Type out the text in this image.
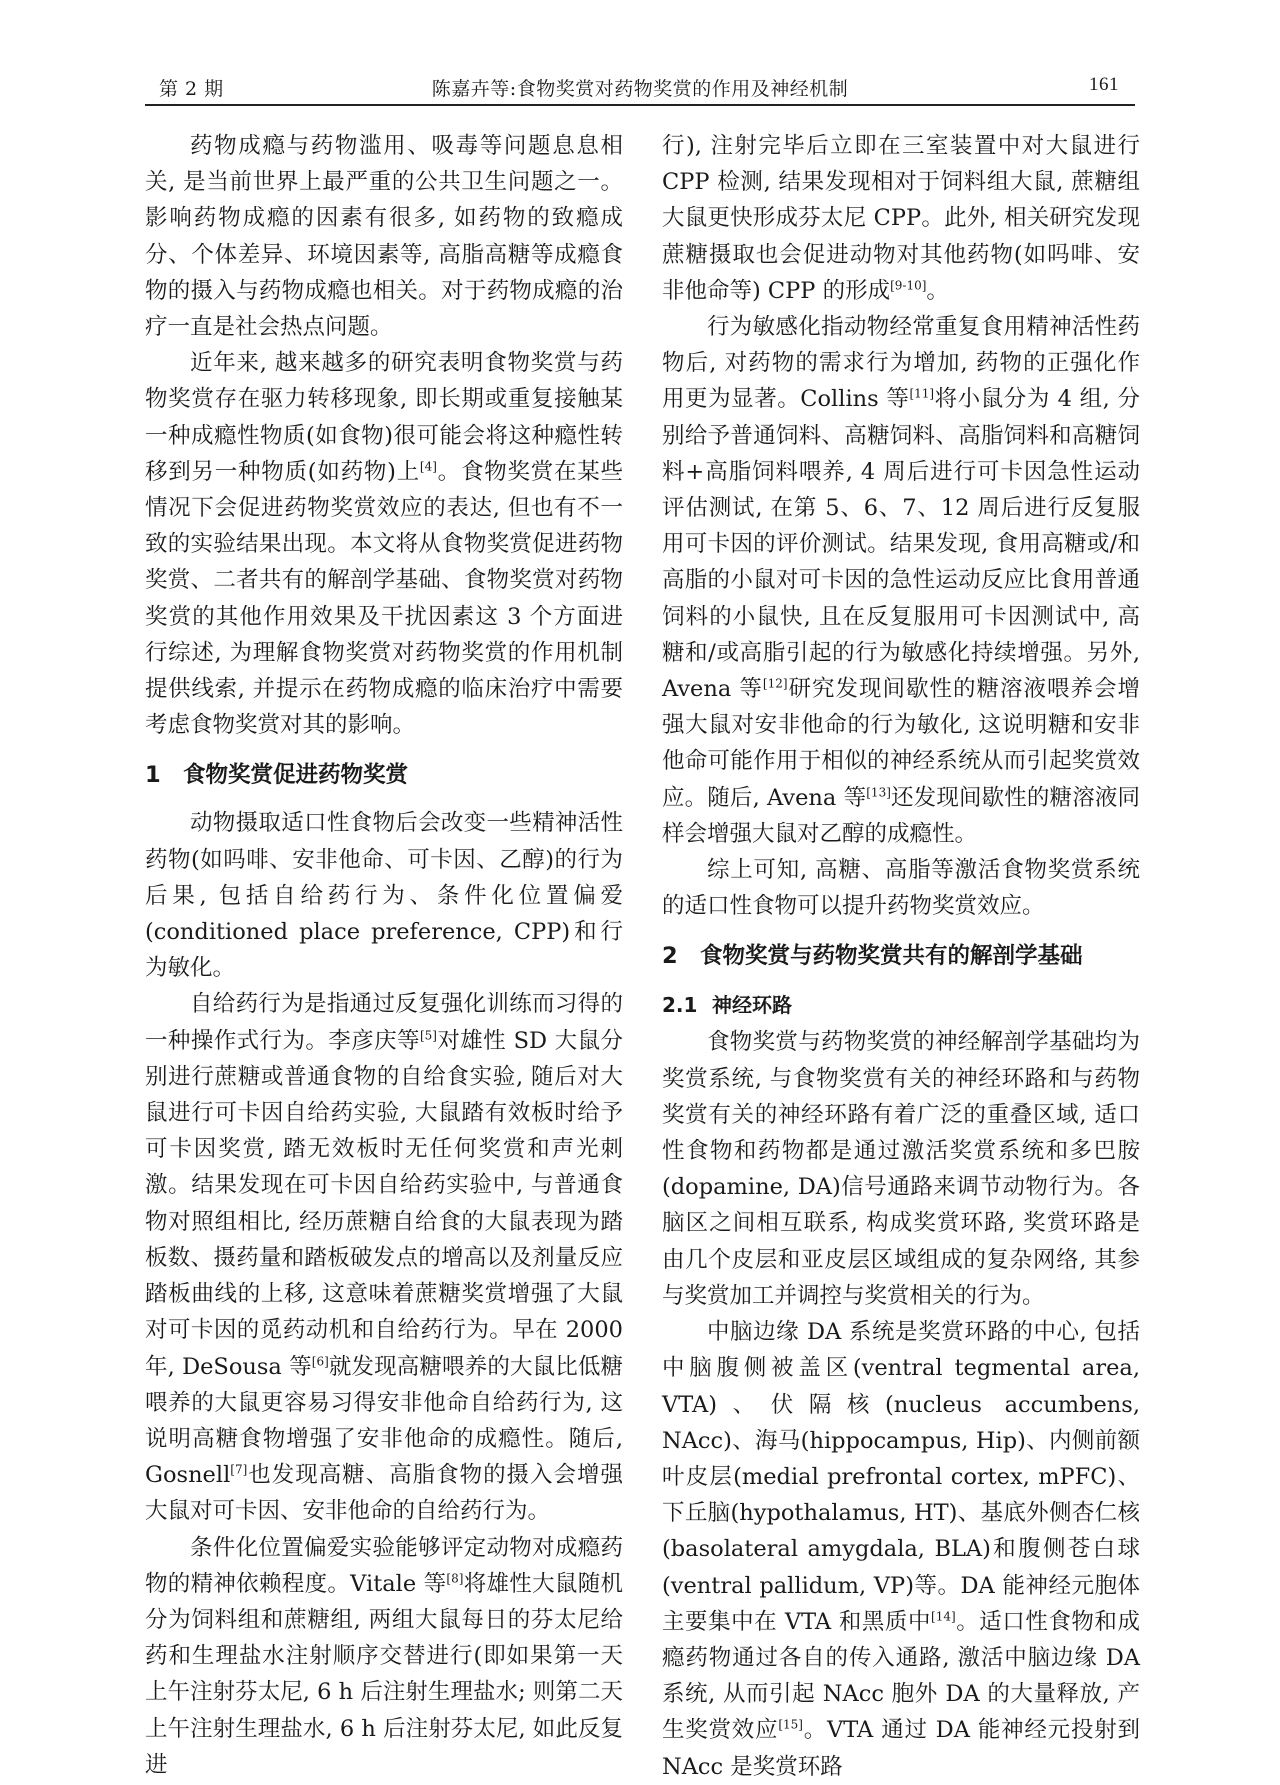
第 2 期	陈嘉卉等:食物奖赏对药物奖赏的作用及神经机制	161

药物成瘾与药物滥用、吸毒等问题息息相关, 是当前世界上最严重的公共卫生问题之一。影响药物成瘾的因素有很多, 如药物的致瘾成分、个体差异、环境因素等, 高脂高糖等成瘾食物的摄入与药物成瘾也相关。对于药物成瘾的治疗一直是社会热点问题。

近年来, 越来越多的研究表明食物奖赏与药物奖赏存在驱力转移现象, 即长期或重复接触某一种成瘾性物质(如食物)很可能会将这种瘾性转移到另一种物质(如药物)上[4]。食物奖赏在某些情况下会促进药物奖赏效应的表达, 但也有不一致的实验结果出现。本文将从食物奖赏促进药物奖赏、二者共有的解剖学基础、食物奖赏对药物奖赏的其他作用效果及干扰因素这 3 个方面进行综述, 为理解食物奖赏对药物奖赏的作用机制提供线索, 并提示在药物成瘾的临床治疗中需要考虑食物奖赏对其的影响。

1 食物奖赏促进药物奖赏

动物摄取适口性食物后会改变一些精神活性药物(如吗啡、安非他命、可卡因、乙醇)的行为后果, 包括自给药行为、条件化位置偏爱(conditioned place preference, CPP)和行为敏化。

自给药行为是指通过反复强化训练而习得的一种操作式行为。李彦庆等[5]对雄性 SD 大鼠分别进行蔗糖或普通食物的自给食实验, 随后对大鼠进行可卡因自给药实验, 大鼠踏有效板时给予可卡因奖赏, 踏无效板时无任何奖赏和声光刺激。结果发现在可卡因自给药实验中, 与普通食物对照组相比, 经历蔗糖自给食的大鼠表现为踏板数、摄药量和踏板破发点的增高以及剂量反应踏板曲线的上移, 这意味着蔗糖奖赏增强了大鼠对可卡因的觅药动机和自给药行为。早在 2000 年, DeSousa 等[6]就发现高糖喂养的大鼠比低糖喂养的大鼠更容易习得安非他命自给药行为, 这说明高糖食物增强了安非他命的成瘾性。随后, Gosnell[7]也发现高糖、高脂食物的摄入会增强大鼠对可卡因、安非他命的自给药行为。

条件化位置偏爱实验能够评定动物对成瘾药物的精神依赖程度。Vitale 等[8]将雄性大鼠随机分为饲料组和蔗糖组, 两组大鼠每日的芬太尼给药和生理盐水注射顺序交替进行(即如果第一天上午注射芬太尼, 6 h 后注射生理盐水; 则第二天上午注射生理盐水, 6 h 后注射芬太尼, 如此反复进

行), 注射完毕后立即在三室装置中对大鼠进行 CPP 检测, 结果发现相对于饲料组大鼠, 蔗糖组大鼠更快形成芬太尼 CPP。此外, 相关研究发现蔗糖摄取也会促进动物对其他药物(如吗啡、安非他命等) CPP 的形成[9-10]。

行为敏感化指动物经常重复食用精神活性药物后, 对药物的需求行为增加, 药物的正强化作用更为显著。Collins 等[11]将小鼠分为 4 组, 分别给予普通饲料、高糖饲料、高脂饲料和高糖饲料+高脂饲料喂养, 4 周后进行可卡因急性运动评估测试, 在第 5、6、7、12 周后进行反复服用可卡因的评价测试。结果发现, 食用高糖或/和高脂的小鼠对可卡因的急性运动反应比食用普通饲料的小鼠快, 且在反复服用可卡因测试中, 高糖和/或高脂引起的行为敏感化持续增强。另外, Avena 等[12]研究发现间歇性的糖溶液喂养会增强大鼠对安非他命的行为敏化, 这说明糖和安非他命可能作用于相似的神经系统从而引起奖赏效应。随后, Avena 等[13]还发现间歇性的糖溶液同样会增强大鼠对乙醇的成瘾性。

综上可知, 高糖、高脂等激活食物奖赏系统的适口性食物可以提升药物奖赏效应。

2 食物奖赏与药物奖赏共有的解剖学基础
2.1 神经环路

食物奖赏与药物奖赏的神经解剖学基础均为奖赏系统, 与食物奖赏有关的神经环路和与药物奖赏有关的神经环路有着广泛的重叠区域, 适口性食物和药物都是通过激活奖赏系统和多巴胺(dopamine, DA)信号通路来调节动物行为。各脑区之间相互联系, 构成奖赏环路, 奖赏环路是由几个皮层和亚皮层区域组成的复杂网络, 其参与奖赏加工并调控与奖赏相关的行为。

中脑边缘 DA 系统是奖赏环路的中心, 包括中脑腹侧被盖区(ventral tegmental area, VTA)、伏隔核(nucleus accumbens, NAcc)、海马(hippocampus, Hip)、内侧前额叶皮层(medial prefrontal cortex, mPFC)、下丘脑(hypothalamus, HT)、基底外侧杏仁核(basolateral amygdala, BLA)和腹侧苍白球(ventral pallidum, VP)等。DA 能神经元胞体主要集中在 VTA 和黑质中[14]。适口性食物和成瘾药物通过各自的传入通路, 激活中脑边缘 DA 系统, 从而引起 NAcc 胞外 DA 的大量释放, 产生奖赏效应[15]。VTA 通过 DA 能神经元投射到 NAcc 是奖赏环路
